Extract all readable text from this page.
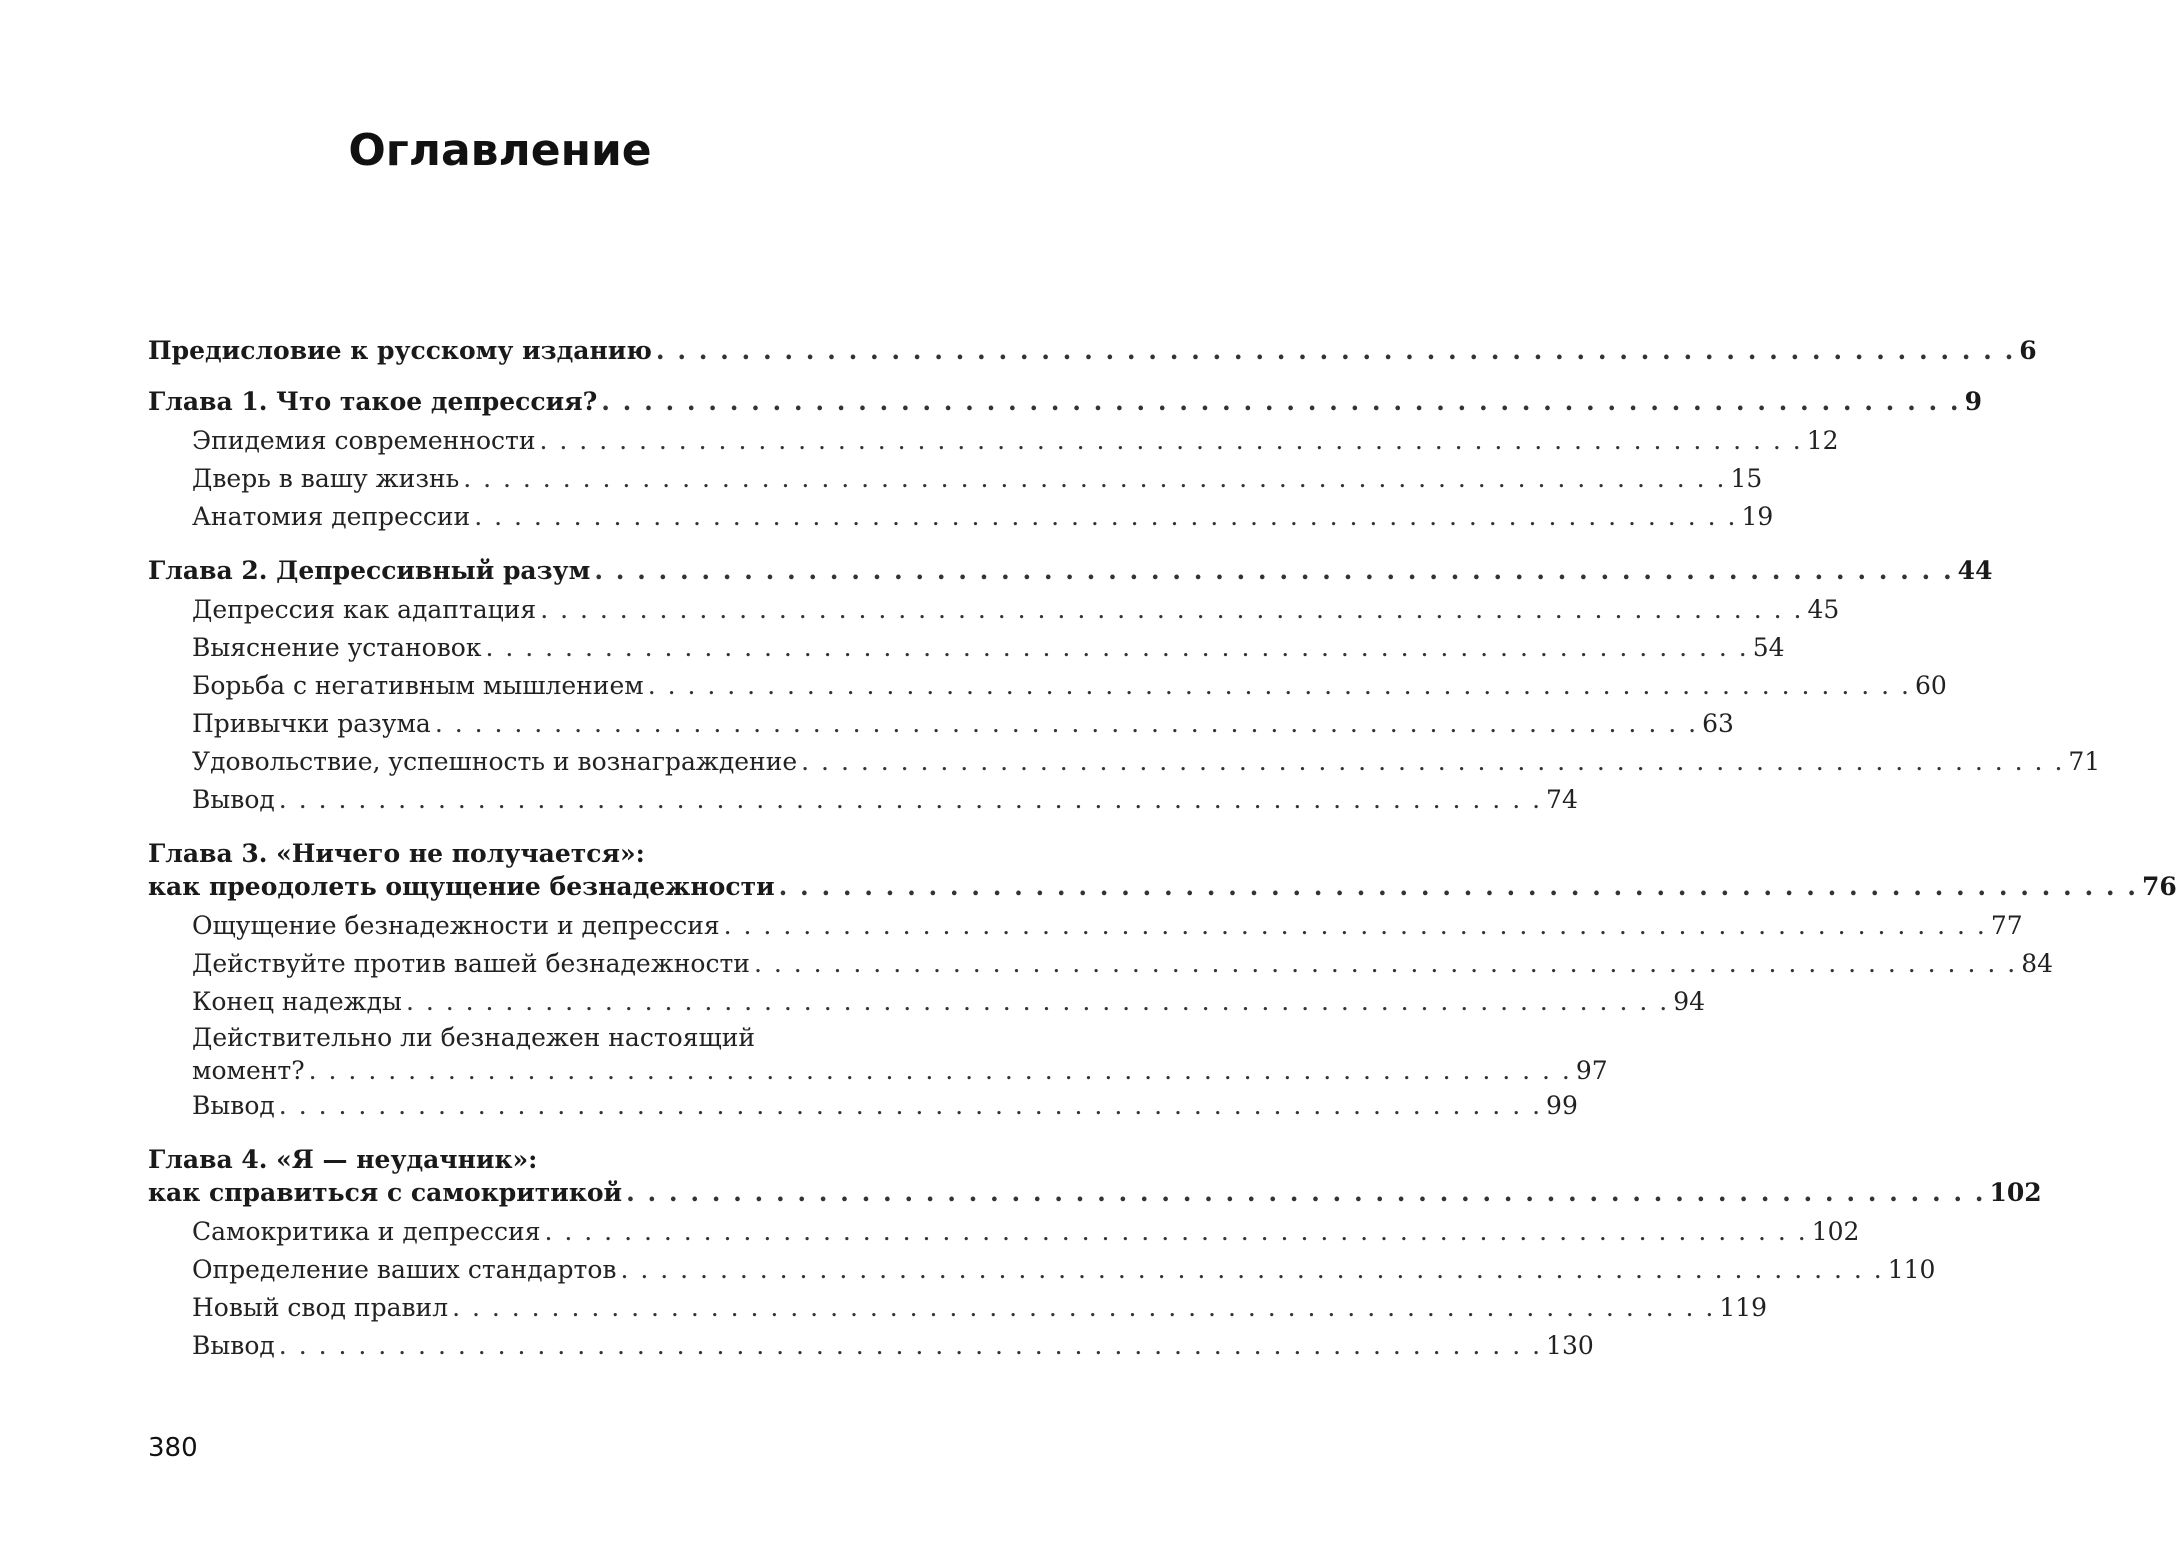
Оглавление
Предисловие к русскому изданию . . . . . . . . . . . . . . . . . . . . . . . . . . . . . . . . . . . . . . . . . . . . . . . . . . . . . . . . . . . . . . . . 6
Глава 1. Что такое депрессия? . . . . . . . . . . . . . . . . . . . . . . . . . . . . . . . . . . . . . . . . . . . . . . . . . . . . . . . . . . . . . . . . 9
Эпидемия современности . . . . . . . . . . . . . . . . . . . . . . . . . . . . . . . . . . . . . . . . . . . . . . . . . . . . . . . . . . . . . . . . 12
Дверь в вашу жизнь . . . . . . . . . . . . . . . . . . . . . . . . . . . . . . . . . . . . . . . . . . . . . . . . . . . . . . . . . . . . . . . . 15
Анатомия депрессии . . . . . . . . . . . . . . . . . . . . . . . . . . . . . . . . . . . . . . . . . . . . . . . . . . . . . . . . . . . . . . . . 19
Глава 2. Депрессивный разум . . . . . . . . . . . . . . . . . . . . . . . . . . . . . . . . . . . . . . . . . . . . . . . . . . . . . . . . . . . . . . . . 44
Депрессия как адаптация . . . . . . . . . . . . . . . . . . . . . . . . . . . . . . . . . . . . . . . . . . . . . . . . . . . . . . . . . . . . . . . . 45
Выяснение установок . . . . . . . . . . . . . . . . . . . . . . . . . . . . . . . . . . . . . . . . . . . . . . . . . . . . . . . . . . . . . . . . 54
Борьба с негативным мышлением . . . . . . . . . . . . . . . . . . . . . . . . . . . . . . . . . . . . . . . . . . . . . . . . . . . . . . . . . . . . . . . . 60
Привычки разума . . . . . . . . . . . . . . . . . . . . . . . . . . . . . . . . . . . . . . . . . . . . . . . . . . . . . . . . . . . . . . . . 63
Удовольствие, успешность и вознаграждение . . . . . . . . . . . . . . . . . . . . . . . . . . . . . . . . . . . . . . . . . . . . . . . . . . . . . . . . . . . . . . . . 71
Вывод . . . . . . . . . . . . . . . . . . . . . . . . . . . . . . . . . . . . . . . . . . . . . . . . . . . . . . . . . . . . . . . . 74
Глава 3. «Ничего не получается»:
как преодолеть ощущение безнадежности . . . . . . . . . . . . . . . . . . . . . . . . . . . . . . . . . . . . . . . . . . . . . . . . . . . . . . . . . . . . . . . . 76
Ощущение безнадежности и депрессия . . . . . . . . . . . . . . . . . . . . . . . . . . . . . . . . . . . . . . . . . . . . . . . . . . . . . . . . . . . . . . . . 77
Действуйте против вашей безнадежности . . . . . . . . . . . . . . . . . . . . . . . . . . . . . . . . . . . . . . . . . . . . . . . . . . . . . . . . . . . . . . . . 84
Конец надежды . . . . . . . . . . . . . . . . . . . . . . . . . . . . . . . . . . . . . . . . . . . . . . . . . . . . . . . . . . . . . . . . 94
Действительно ли безнадежен настоящий
момент? . . . . . . . . . . . . . . . . . . . . . . . . . . . . . . . . . . . . . . . . . . . . . . . . . . . . . . . . . . . . . . . . 97
Вывод . . . . . . . . . . . . . . . . . . . . . . . . . . . . . . . . . . . . . . . . . . . . . . . . . . . . . . . . . . . . . . . . 99
Глава 4. «Я — неудачник»:
как справиться с самокритикой . . . . . . . . . . . . . . . . . . . . . . . . . . . . . . . . . . . . . . . . . . . . . . . . . . . . . . . . . . . . . . . . 102
Самокритика и депрессия . . . . . . . . . . . . . . . . . . . . . . . . . . . . . . . . . . . . . . . . . . . . . . . . . . . . . . . . . . . . . . . . 102
Определение ваших стандартов . . . . . . . . . . . . . . . . . . . . . . . . . . . . . . . . . . . . . . . . . . . . . . . . . . . . . . . . . . . . . . . . 110
Новый свод правил . . . . . . . . . . . . . . . . . . . . . . . . . . . . . . . . . . . . . . . . . . . . . . . . . . . . . . . . . . . . . . . . 119
Вывод . . . . . . . . . . . . . . . . . . . . . . . . . . . . . . . . . . . . . . . . . . . . . . . . . . . . . . . . . . . . . . . . 130
380
